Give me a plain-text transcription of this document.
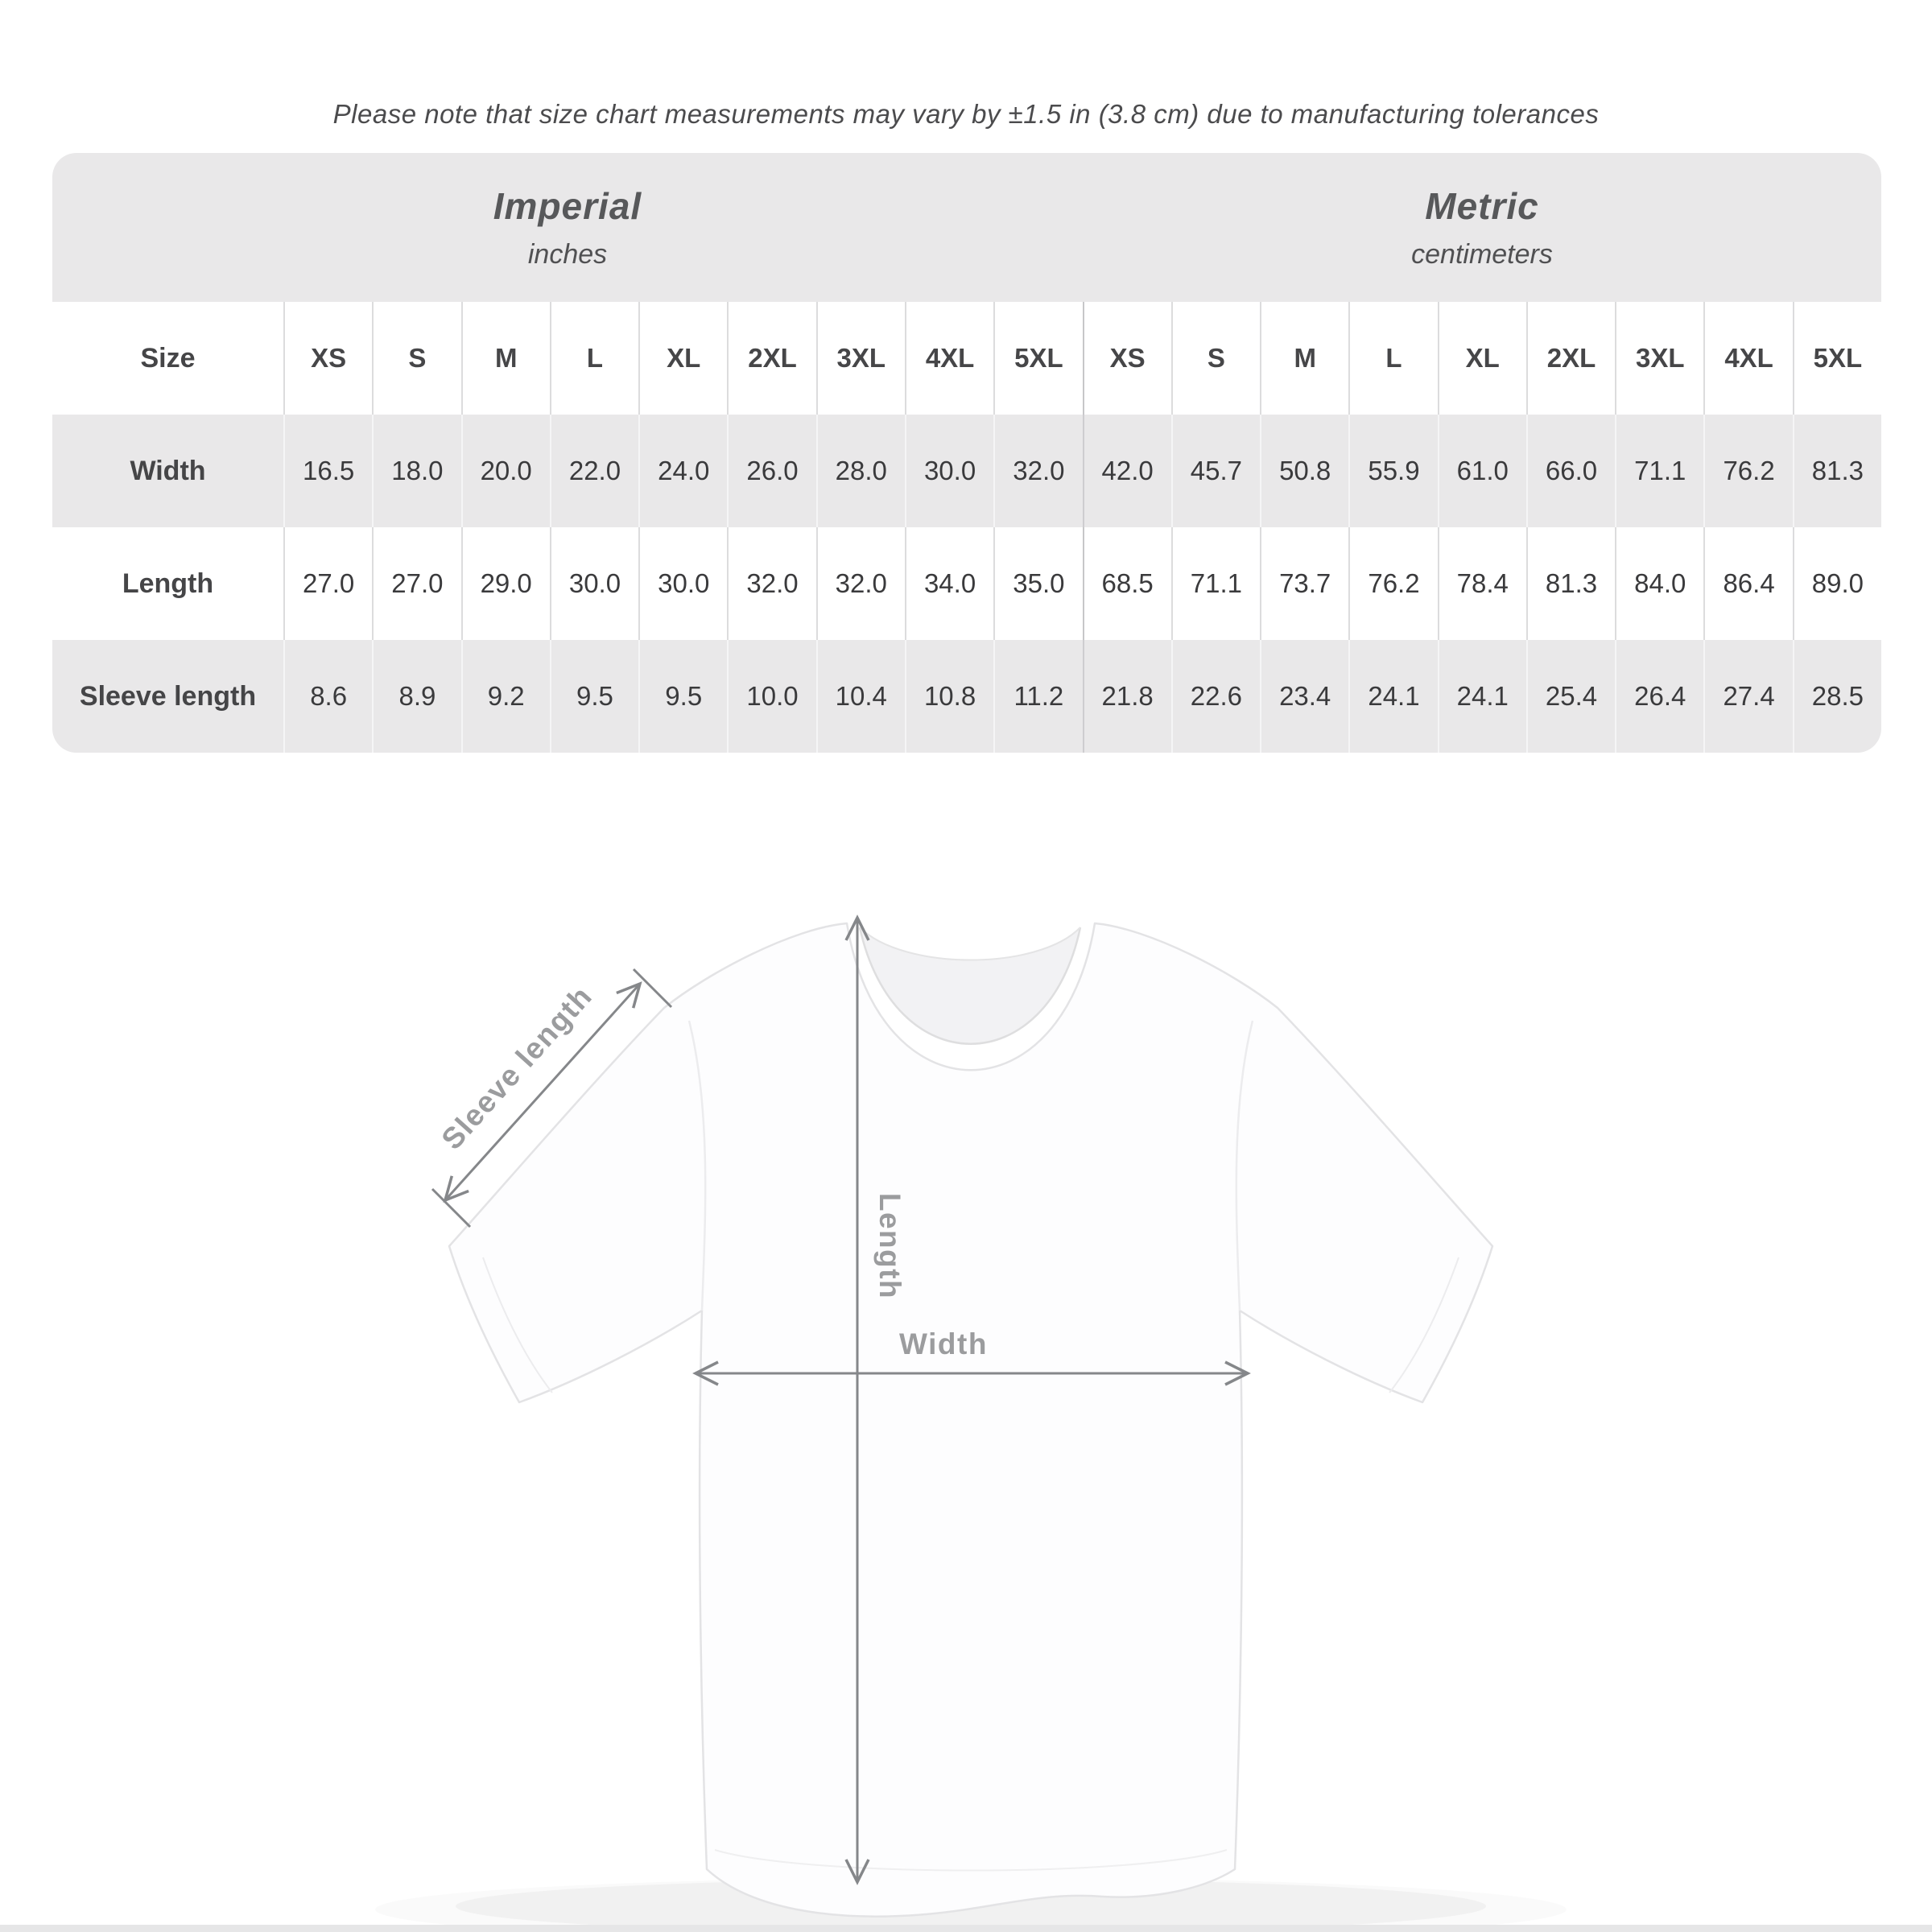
Please note that size chart measurements may vary by ±1.5 in (3.8 cm) due to manufacturing tolerances

Imperial
inches
Metric
centimeters
Size	XS	S	M	L	XL	2XL	3XL	4XL	5XL	XS	S	M	L	XL	2XL	3XL	4XL	5XL
Width	16.5	18.0	20.0	22.0	24.0	26.0	28.0	30.0	32.0	42.0	45.7	50.8	55.9	61.0	66.0	71.1	76.2	81.3
Length	27.0	27.0	29.0	30.0	30.0	32.0	32.0	34.0	35.0	68.5	71.1	73.7	76.2	78.4	81.3	84.0	86.4	89.0
Sleeve length	8.6	8.9	9.2	9.5	9.5	10.0	10.4	10.8	11.2	21.8	22.6	23.4	24.1	24.1	25.4	26.4	27.4	28.5
Length
Width
Sleeve length
